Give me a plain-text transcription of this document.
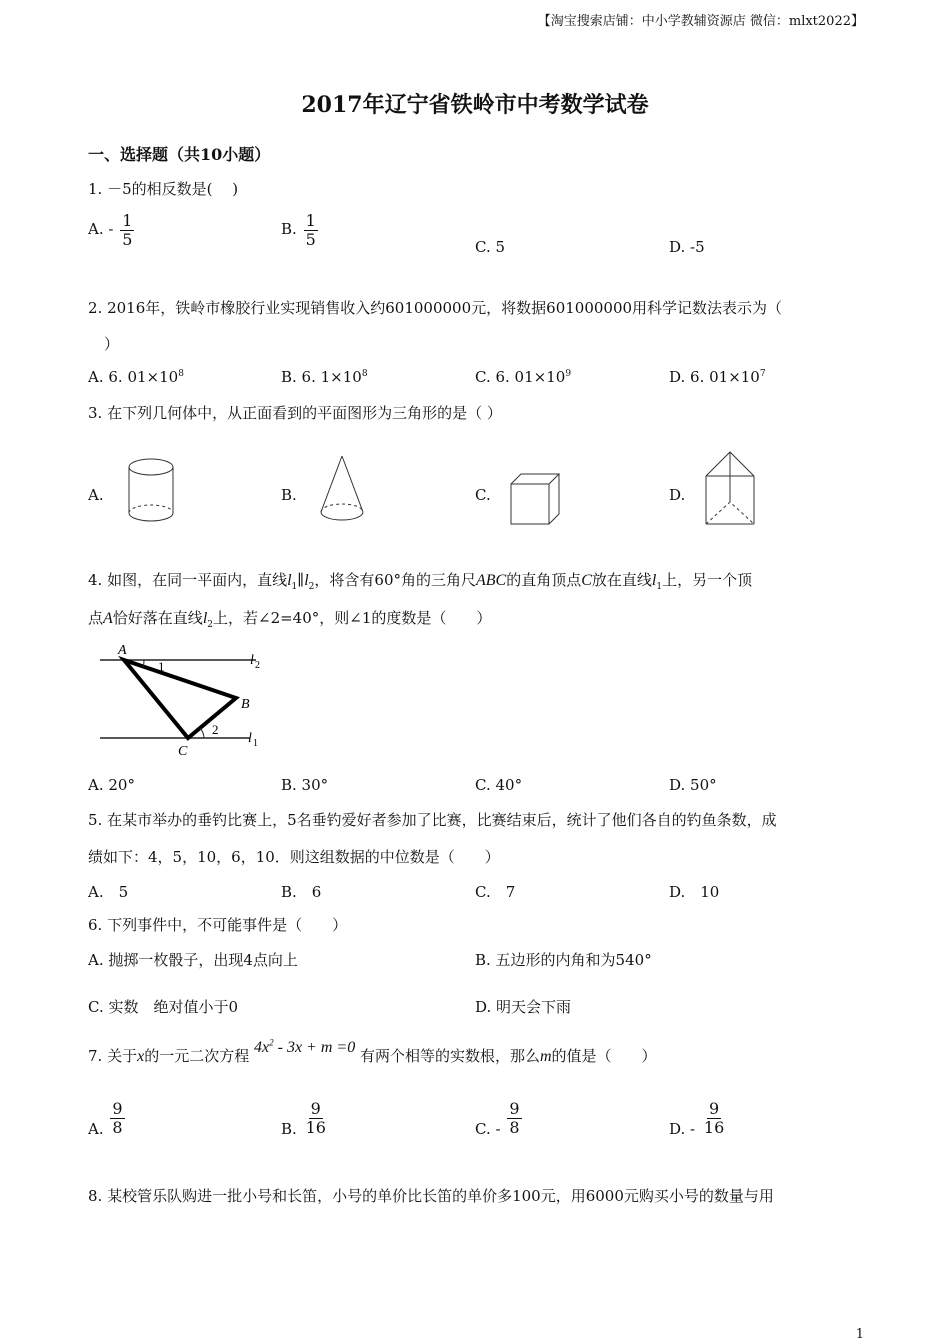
【淘宝搜索店铺：中小学教辅资源店 微信：mlxt2022】
2017年辽宁省铁岭市中考数学试卷
一、选择题（共10小题）
1. －5的相反数是(　 )
A. - $\frac{1}{5}$	B. $\frac{1}{5}$	C. 5	D. -5
2. 2016年，铁岭市橡胶行业实现销售收入约601000000元，将数据601000000用科学记数法表示为（
）
A. 6. $01\times 10^8$	B. 6. $1\times 10^8$	C. 6. $01\times 10^9$	D. 6. $01\times 10^7$
3. 在下列几何体中，从正面看到的平面图形为三角形的是（ ）
A.	B.	C.	D.
4. 如图，在同一平面内，直线$l_1\parallel l_2$，将含有60°角的三角尺ABC的直角顶点C放在直线$l_1$上，另一个顶
点A恰好落在直线$l_2$上，若∠2=40°，则∠1的度数是（　　）
A
B
C
1
2
l 2
l 1
A. 20°	B. 30°	C. 40°	D. 50°
5. 在某市举办的垂钓比赛上，5名垂钓爱好者参加了比赛，比赛结束后，统计了他们各自的钓鱼条数，成
绩如下：4，5，10，6，10．则这组数据的中位数是（　　）
A.　5	B.　6	C.　7	D.　10
6. 下列事件中，不可能事件是（　　）
A. 抛掷一枚骰子，出现4点向上	B. 五边形的内角和为540°
C. 实数　绝对值小于0	D. 明天会下雨
7. 关于x的一元二次方程 $4x^2 - 3x + m =0$ 有两个相等的实数根，那么m的值是（　　）
A. $\frac{9}{8}$	B. $\frac{9}{16}$	C. - $\frac{9}{8}$	D. - $\frac{9}{16}$
8. 某校管乐队购进一批小号和长笛，小号的单价比长笛的单价多100元，用6000元购买小号的数量与用
1
